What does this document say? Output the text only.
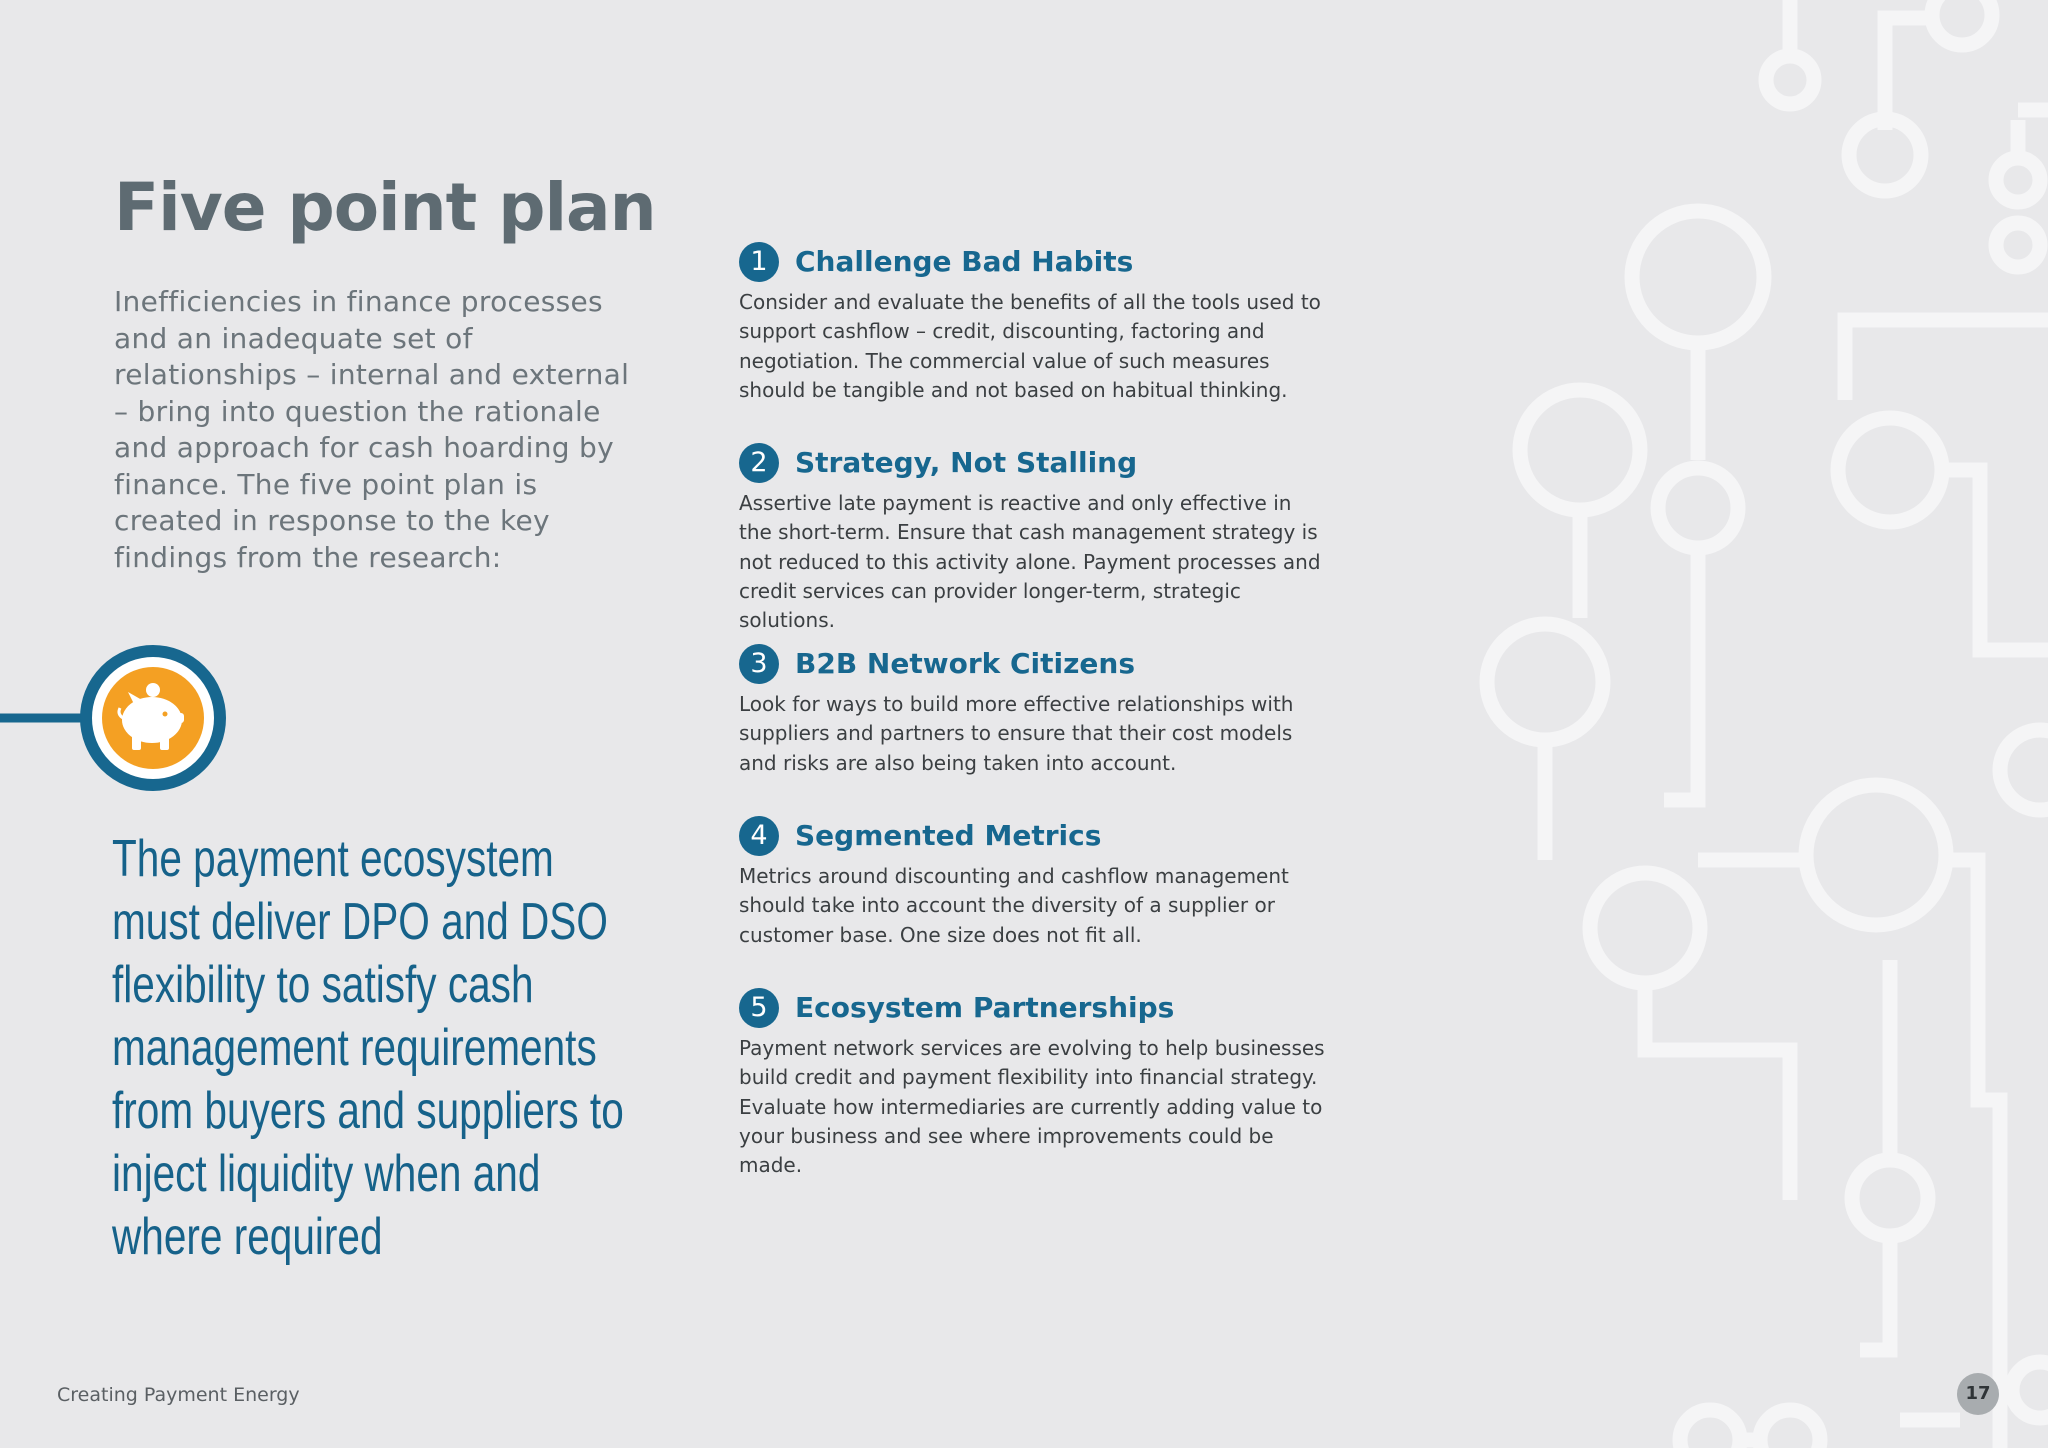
Five point plan
Inefficiencies in finance processes and an inadequate set of relationships – internal and external – bring into question the rationale and approach for cash hoarding by finance. The five point plan is created in response to the key findings from the research:
The payment ecosystem must deliver DPO and DSO flexibility to satisfy cash management requirements from buyers and suppliers to inject liquidity when and where required
1 Challenge Bad Habits
Consider and evaluate the benefits of all the tools used to support cashflow – credit, discounting, factoring and negotiation. The commercial value of such measures should be tangible and not based on habitual thinking.
2 Strategy, Not Stalling
Assertive late payment is reactive and only effective in the short-term. Ensure that cash management strategy is not reduced to this activity alone. Payment processes and credit services can provider longer-term, strategic solutions.
3 B2B Network Citizens
Look for ways to build more effective relationships with suppliers and partners to ensure that their cost models and risks are also being taken into account.
4 Segmented Metrics
Metrics around discounting and cashflow management should take into account the diversity of a supplier or customer base. One size does not fit all.
5 Ecosystem Partnerships
Payment network services are evolving to help businesses build credit and payment flexibility into financial strategy. Evaluate how intermediaries are currently adding value to your business and see where improvements could be made.
Creating Payment Energy	17
